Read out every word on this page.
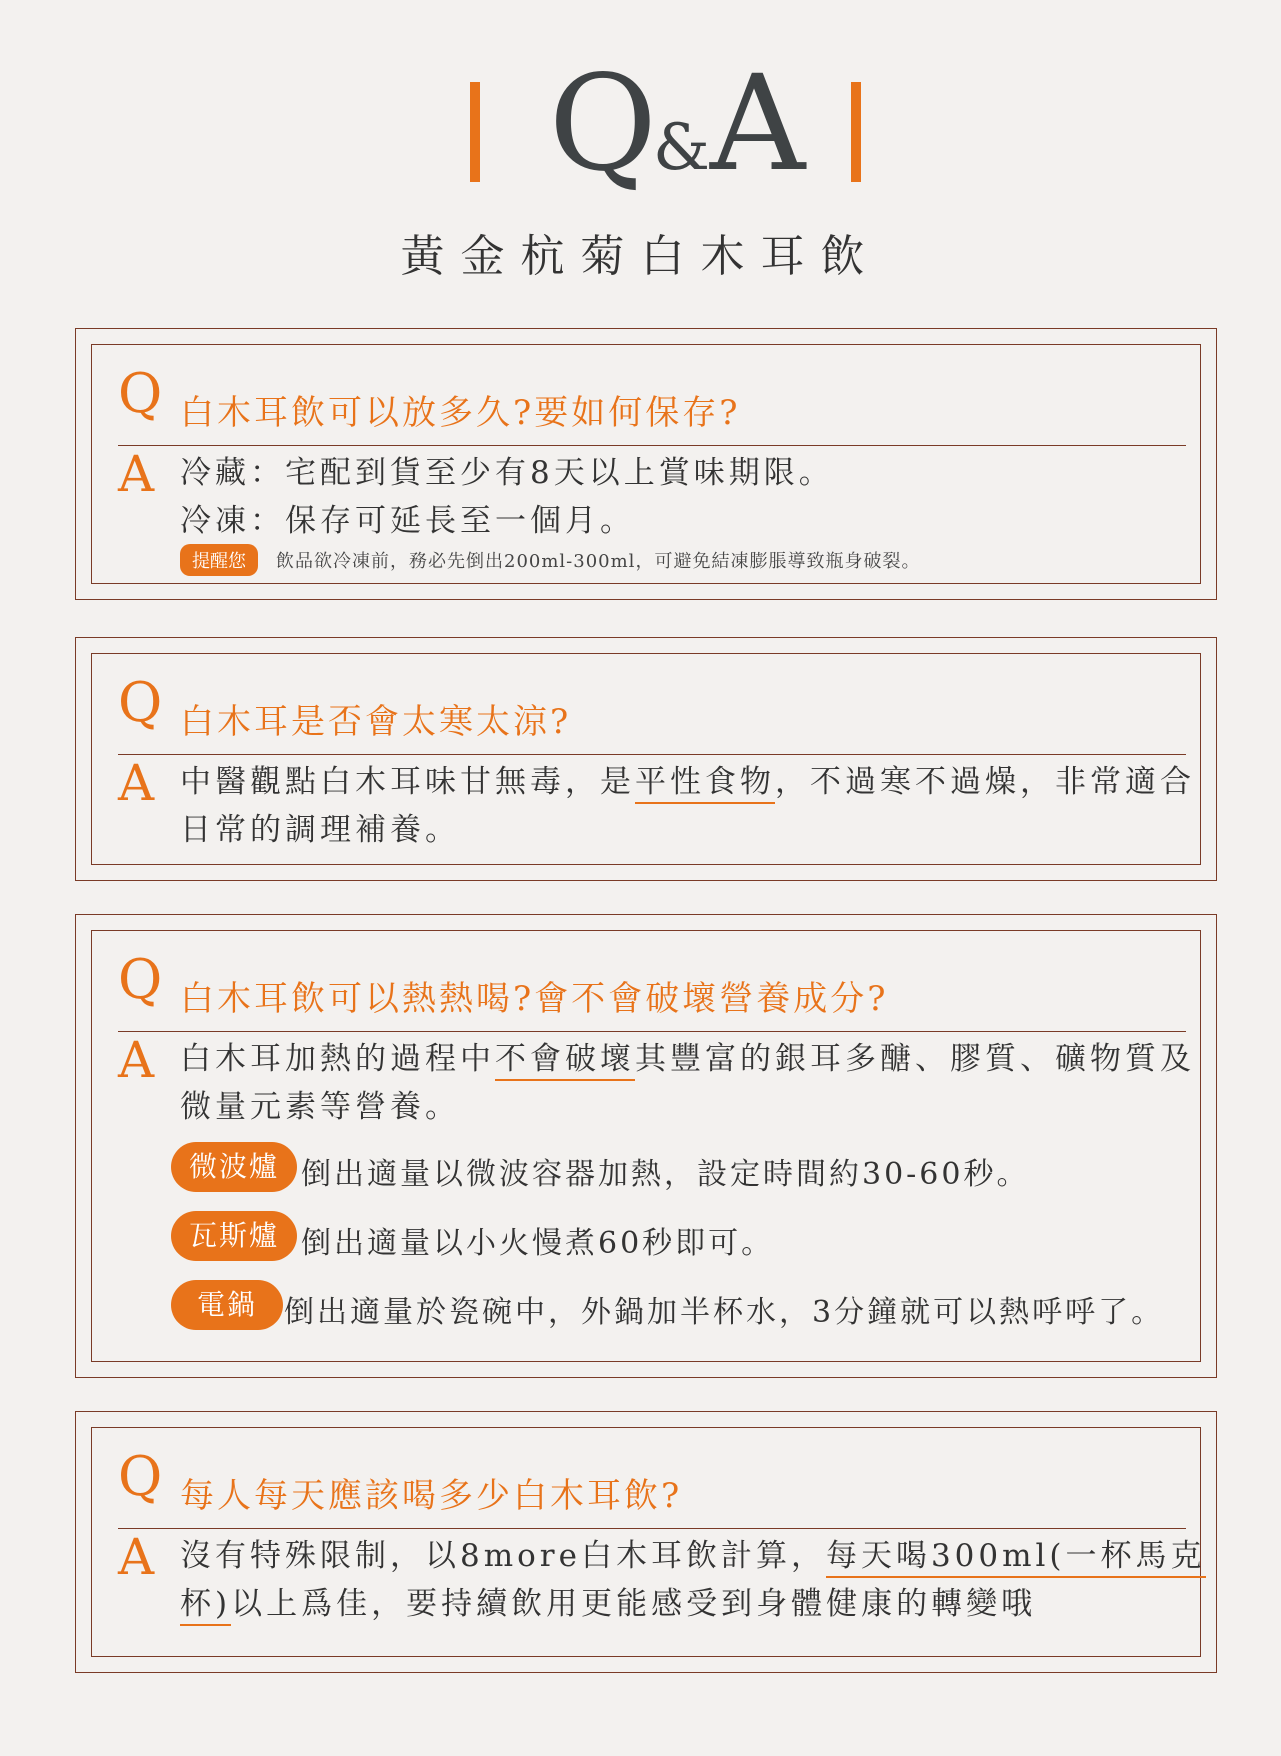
Q&A
黃金杭菊白木耳飲
Q 白木耳飲可以放多久?要如何保存?
A 冷藏：宅配到貨至少有8天以上賞味期限。
冷凍：保存可延長至一個月。
提醒您	飲品欲冷凍前，務必先倒出200ml-300ml，可避免結凍膨脹導致瓶身破裂。
Q 白木耳是否會太寒太涼?
A 中醫觀點白木耳味甘無毒，是平性食物，不過寒不過燥，非常適合
日常的調理補養。
Q 白木耳飲可以熱熱喝?會不會破壞營養成分?
A 白木耳加熱的過程中不會破壞其豐富的銀耳多醣、膠質、礦物質及
微量元素等營養。
微波爐 倒出適量以微波容器加熱，設定時間約30-60秒。
瓦斯爐 倒出適量以小火慢煮60秒即可。
電鍋 倒出適量於瓷碗中，外鍋加半杯水，3分鐘就可以熱呼呼了。
Q 每人每天應該喝多少白木耳飲?
A 沒有特殊限制，以8more白木耳飲計算，每天喝300ml(一杯馬克
杯)以上爲佳，要持續飲用更能感受到身體健康的轉變哦
